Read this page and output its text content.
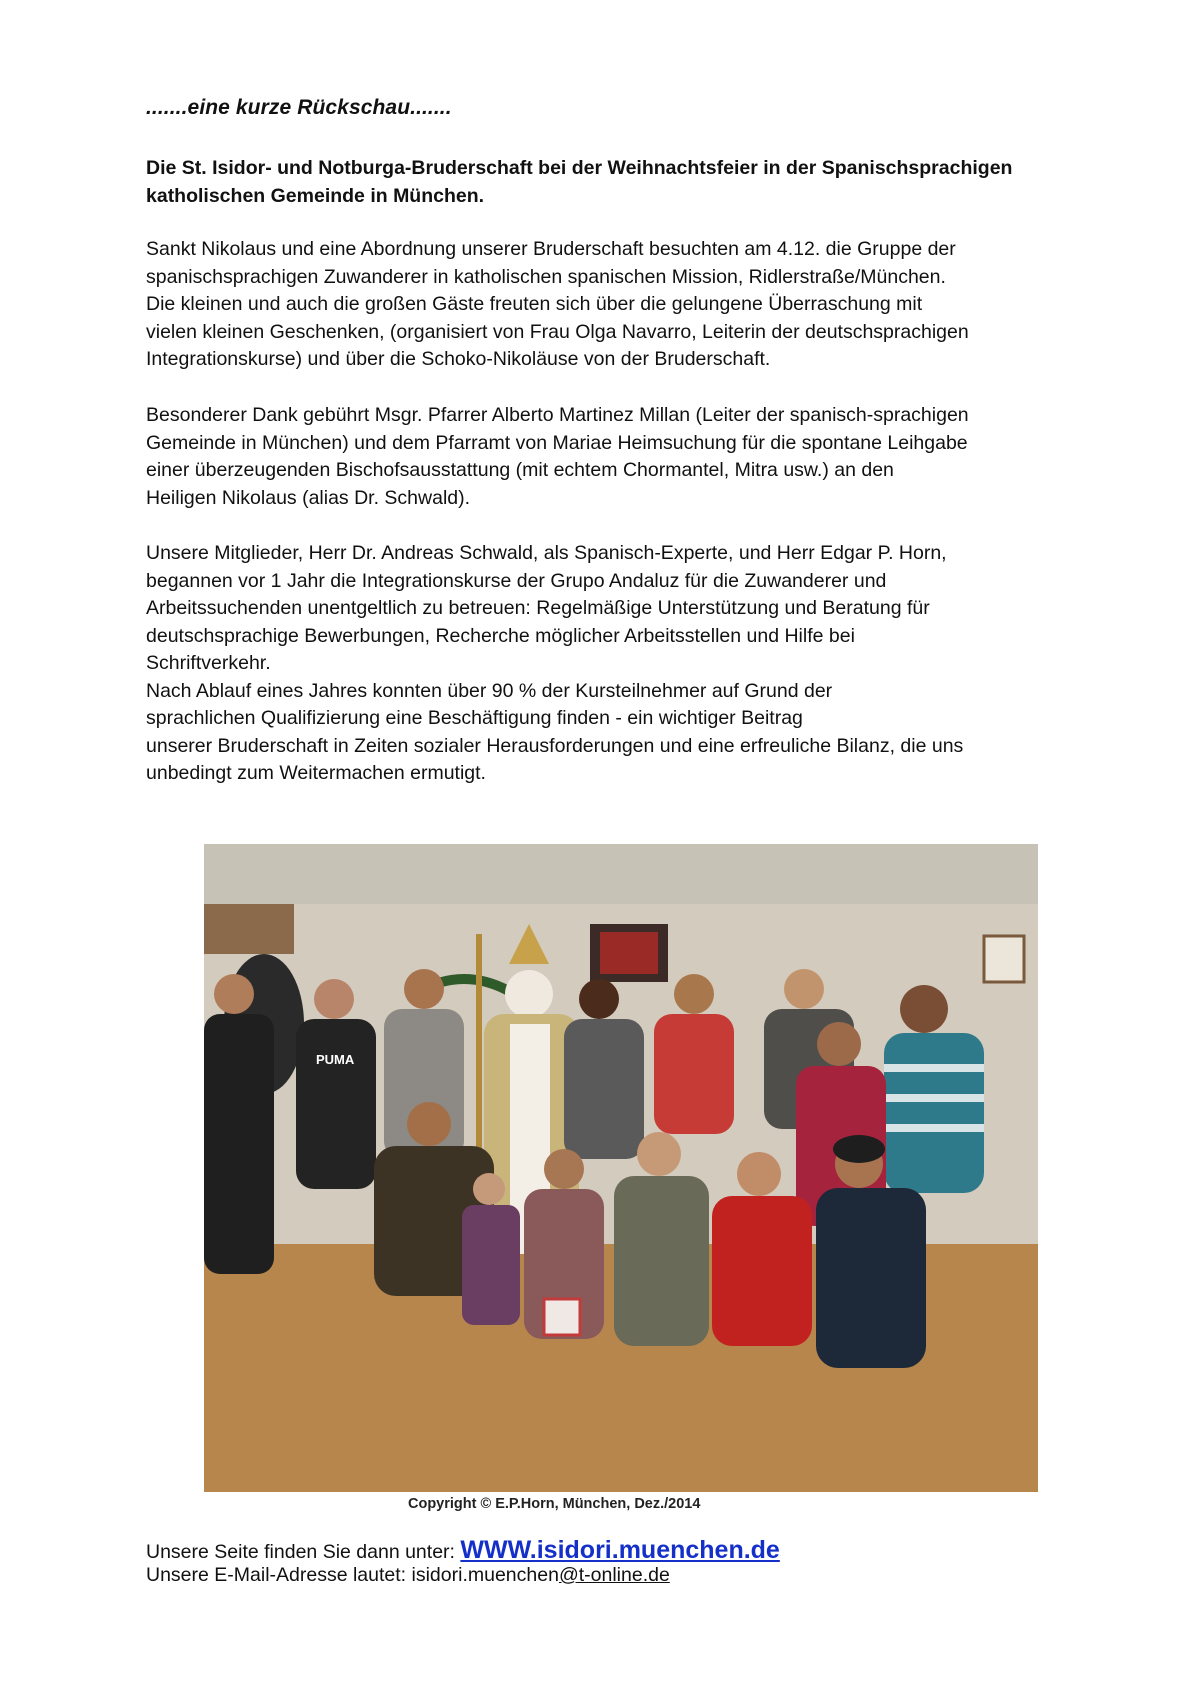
.......eine kurze Rückschau.......
Die St. Isidor- und Notburga-Bruderschaft bei der Weihnachtsfeier in der Spanischsprachigen
katholischen Gemeinde in München.

Sankt Nikolaus und eine Abordnung unserer Bruderschaft besuchten am 4.12. die Gruppe der
spanischsprachigen Zuwanderer in katholischen spanischen Mission, Ridlerstraße/München.
Die kleinen und auch die großen Gäste freuten sich über die gelungene Überraschung mit
vielen kleinen Geschenken, (organisiert von Frau Olga Navarro, Leiterin der deutschsprachigen
Integrationskurse) und über die Schoko-Nikoläuse von der Bruderschaft.

Besonderer Dank gebührt Msgr. Pfarrer Alberto Martinez Millan (Leiter der spanisch-sprachigen
Gemeinde in München) und dem Pfarramt von Mariae Heimsuchung für die spontane Leihgabe
einer überzeugenden Bischofsausstattung (mit echtem Chormantel, Mitra usw.) an den
Heiligen Nikolaus (alias Dr. Schwald).

Unsere Mitglieder, Herr Dr. Andreas Schwald, als Spanisch-Experte, und Herr Edgar P. Horn,
begannen vor 1 Jahr die Integrationskurse der Grupo Andaluz für die Zuwanderer und
Arbeitssuchenden unentgeltlich zu betreuen: Regelmäßige Unterstützung und Beratung für
deutschsprachige Bewerbungen, Recherche möglicher Arbeitsstellen und Hilfe bei
Schriftverkehr.
Nach Ablauf eines Jahres konnten über 90 % der Kursteilnehmer auf Grund der
sprachlichen Qualifizierung eine Beschäftigung finden - ein wichtiger Beitrag
unserer Bruderschaft in Zeiten sozialer Herausforderungen und eine erfreuliche Bilanz, die uns
unbedingt zum Weitermachen ermutigt.

PUMA
Copyright © E.P.Horn, München, Dez./2014
Unsere Seite finden Sie dann unter: WWW.isidori.muenchen.de
Unsere E-Mail-Adresse lautet: isidori.muenchen@t-online.de
